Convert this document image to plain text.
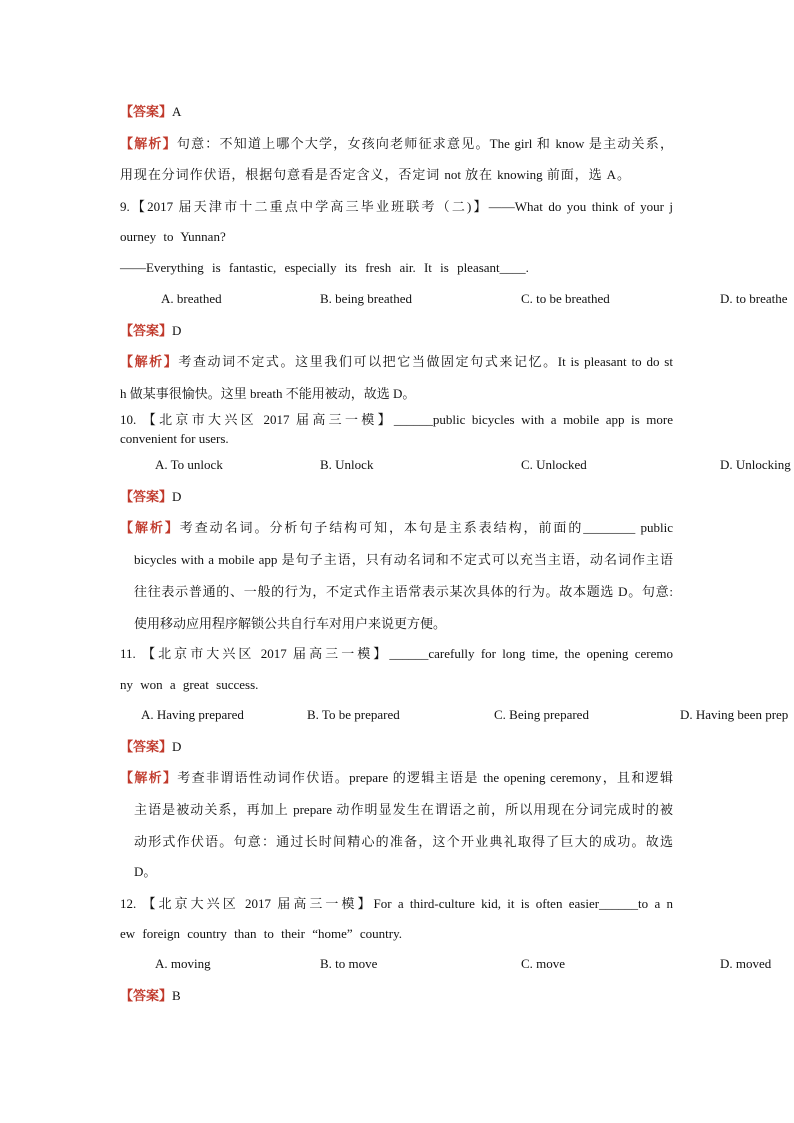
【答案】A
【解析】句意：不知道上哪个大学，女孩向老师征求意见。The girl 和 know 是主动关系，
用现在分词作伏语，根据句意看是否定含义，否定词 not 放在 knowing 前面，选 A。
9.【2017 届天津市十二重点中学高三毕业班联考（二)】——What do you think of your j
ourney to Yunnan?
——Everything is fantastic, especially its fresh air. It is pleasant____.
A. breathed	B. being breathed	C. to be breathed	D. to breathe
【答案】D
【解析】考查动词不定式。这里我们可以把它当做固定句式来记忆。It is pleasant to do st
h 做某事很愉快。这里 breath 不能用被动，故选 D。
10. 【北京市大兴区 2017 届高三一模】______public bicycles with a mobile app is more
convenient for users.
A. To unlock	B. Unlock	C. Unlocked	D. Unlocking
【答案】D
【解析】考查动名词。分析句子结构可知，本句是主系表结构，前面的________ public
bicycles with a mobile app 是句子主语，只有动名词和不定式可以充当主语，动名词作主语
往往表示普通的、一般的行为，不定式作主语常表示某次具体的行为。故本题选 D。句意:
使用移动应用程序解锁公共自行车对用户来说更方便。
11. 【北京市大兴区 2017 届高三一模】______carefully for long time, the opening ceremo
ny won a great success.
A. Having prepared	B. To be prepared	C. Being prepared	D. Having been prep
【答案】D
【解析】考查非谓语性动词作伏语。prepare 的逻辑主语是 the opening ceremony，且和逻辑
主语是被动关系，再加上 prepare 动作明显发生在谓语之前，所以用现在分词完成时的被
动形式作伏语。句意：通过长时间精心的准备，这个开业典礼取得了巨大的成功。故选
D。
12. 【北京大兴区 2017 届高三一模】For a third-culture kid, it is often easier______to a n
ew foreign country than to their “home” country.
A. moving	B. to move	C. move	D. moved
【答案】B
